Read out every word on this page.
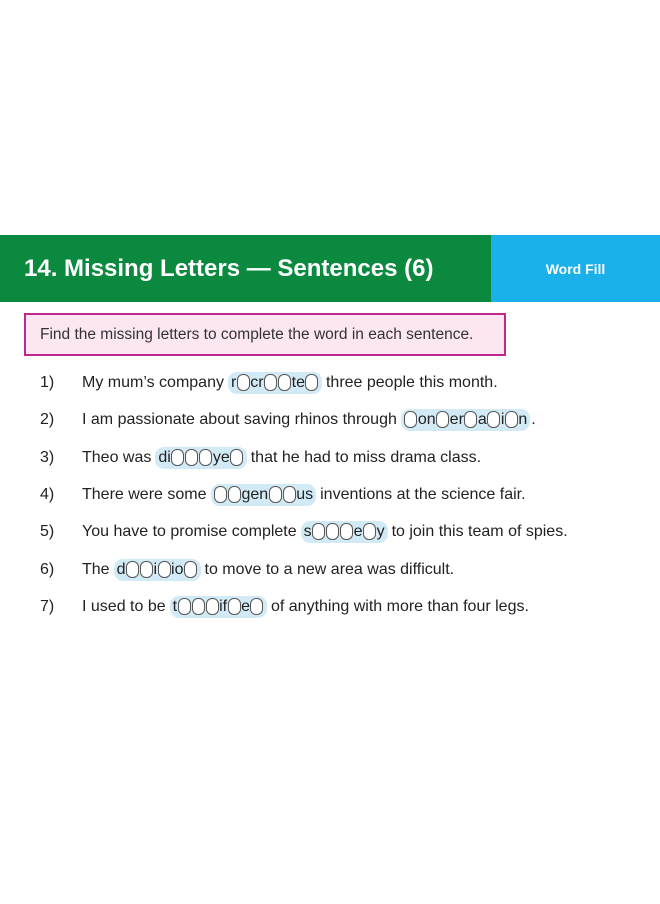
14. Missing Letters — Sentences (6)	Word Fill
Find the missing letters to complete the word in each sentence.
1)	My mum’s company r cr te three people this month.
2)	I am passionate about saving rhinos through on er a i n .
3)	Theo was di	ye that he had to miss drama class.
4)	There were some gen us inventions at the science fair.
5)	You have to promise complete s	e y to join this team of spies.
6)	The d i io to move to a new area was difficult.
7)	I used to be t	if e of anything with more than four legs.
